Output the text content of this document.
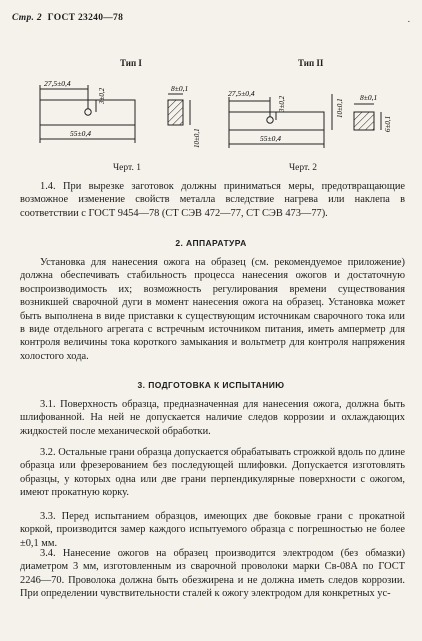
Стр. 2 ГОСТ 23240—78	.
Тип I
27,5±0,4
55±0,4
3±0,2	8±0,1
10±0,1
27,5±0,4
55±0,4
3±0,2	10±0,1
8±0,1
6±0,1
Черт. 1
Тип II
Черт. 2

1.4. При вырезке заготовок должны приниматься меры, предотвращающие возможное изменение свойств металла вследствие нагрева или наклепа в соответствии с ГОСТ 9454—78 (СТ СЭВ 472—77, СТ СЭВ 473—77).

2. АППАРАТУРА

Установка для нанесения ожога на образец (см. рекомендуемое приложение) должна обеспечивать стабильность процесса нанесения ожогов и достаточную воспроизводимость их; возможность регулирования времени существования возникшей сварочной дуги в момент нанесения ожога на образец. Установка может быть выполнена в виде приставки к существующим источникам сварочного тока или в виде отдельного агрегата с встречным источником питания, иметь амперметр для контроля величины тока короткого замыкания и вольтметр для контроля напряжения холостого хода.

3. ПОДГОТОВКА К ИСПЫТАНИЮ

3.1. Поверхность образца, предназначенная для нанесения ожога, должна быть шлифованной. На ней не допускается наличие следов коррозии и охлаждающих жидкостей после механической обработки.

3.2. Остальные грани образца допускается обрабатывать строжкой вдоль по длине образца или фрезерованием без последующей шлифовки. Допускается изготовлять образцы, у которых одна или две грани перпендикулярные поверхности с ожогом, имеют прокатную корку.

3.3. Перед испытанием образцов, имеющих две боковые грани с прокатной коркой, производится замер каждого испытуемого образца с погрешностью не более ±0,1 мм.

3.4. Нанесение ожогов на образец производится электродом (без обмазки) диаметром 3 мм, изготовленным из сварочной проволоки марки Св-08А по ГОСТ 2246—70. Проволока должна быть обезжирена и не должна иметь следов коррозии. При определении чувствительности сталей к ожогу электродом для конкретных ус-
